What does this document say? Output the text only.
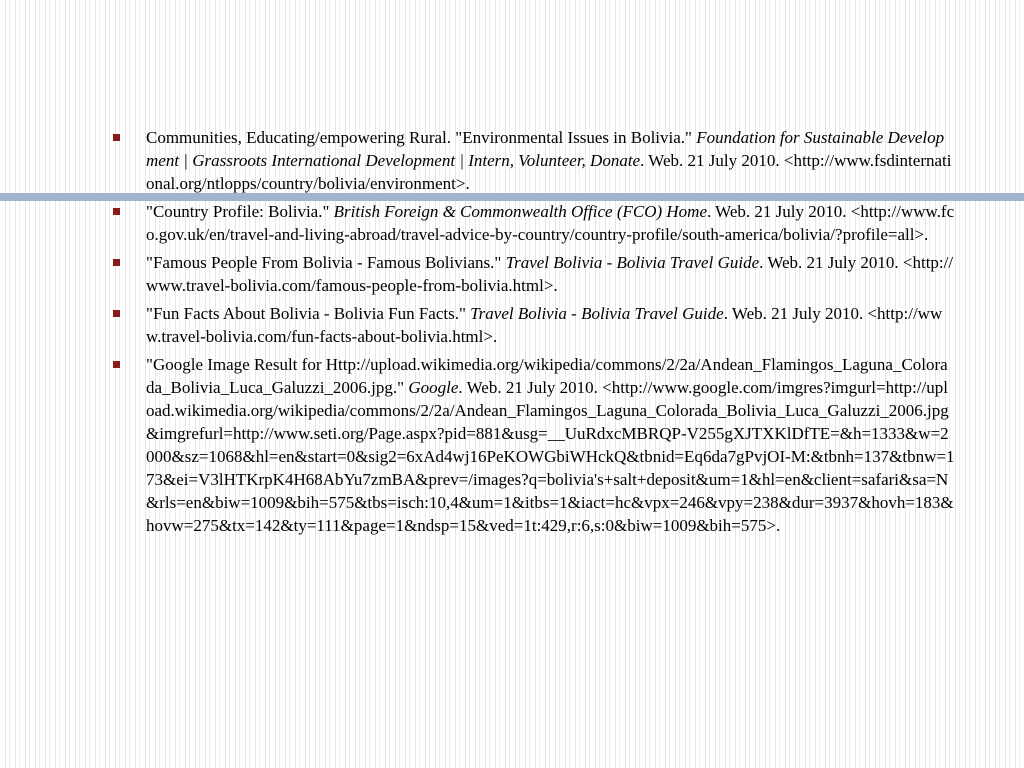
Communities, Educating/empowering Rural. "Environmental Issues in Bolivia." Foundation for Sustainable Development | Grassroots International Development | Intern, Volunteer, Donate. Web. 21 July 2010. <http://www.fsdinternational.org/ntlopps/country/bolivia/environment>.
"Country Profile: Bolivia." British Foreign & Commonwealth Office (FCO) Home. Web. 21 July 2010. <http://www.fco.gov.uk/en/travel-and-living-abroad/travel-advice-by-country/country-profile/south-america/bolivia/?profile=all>.
"Famous People From Bolivia - Famous Bolivians." Travel Bolivia - Bolivia Travel Guide. Web. 21 July 2010. <http://www.travel-bolivia.com/famous-people-from-bolivia.html>.
"Fun Facts About Bolivia - Bolivia Fun Facts." Travel Bolivia - Bolivia Travel Guide. Web. 21 July 2010. <http://www.travel-bolivia.com/fun-facts-about-bolivia.html>.
"Google Image Result for Http://upload.wikimedia.org/wikipedia/commons/2/2a/Andean_Flamingos_Laguna_Colorada_Bolivia_Luca_Galuzzi_2006.jpg." Google. Web. 21 July 2010. <http://www.google.com/imgres?imgurl=http://upload.wikimedia.org/wikipedia/commons/2/2a/Andean_Flamingos_Laguna_Colorada_Bolivia_Luca_Galuzzi_2006.jpg&imgrefurl=http://www.seti.org/Page.aspx?pid=881&usg=__UuRdxcMBRQP-V255gXJTXKlDfTE=&h=1333&w=2000&sz=1068&hl=en&start=0&sig2=6xAd4wj16PeKOWGbiWHckQ&tbnid=Eq6da7gPvjOI-M:&tbnh=137&tbnw=173&ei=V3lHTKrpK4H68AbYu7zmBA&prev=/images?q=bolivia's+salt+deposit&um=1&hl=en&client=safari&sa=N&rls=en&biw=1009&bih=575&tbs=isch:10,4&um=1&itbs=1&iact=hc&vpx=246&vpy=238&dur=3937&hovh=183&hovw=275&tx=142&ty=111&page=1&ndsp=15&ved=1t:429,r:6,s:0&biw=1009&bih=575>.
